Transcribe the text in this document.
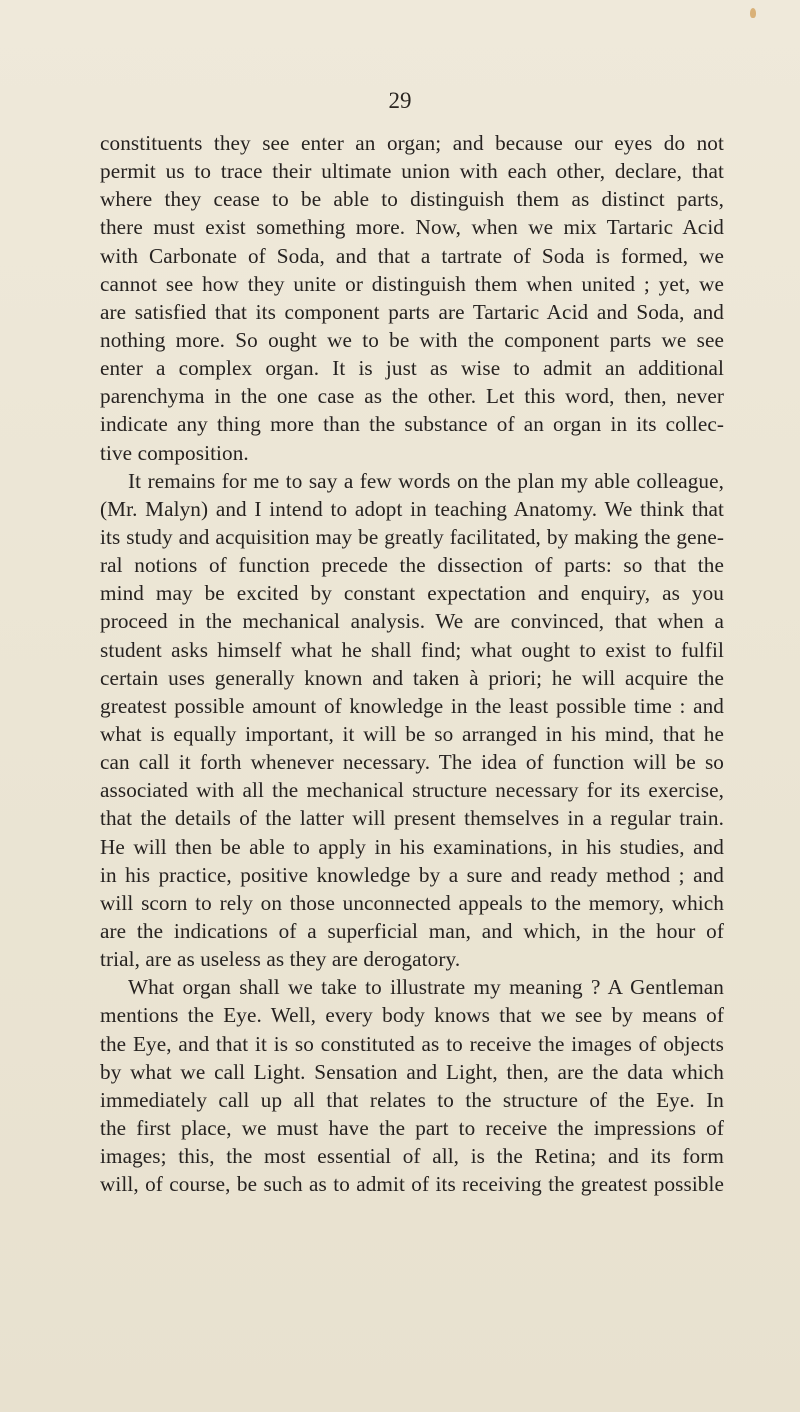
29
constituents they see enter an organ; and because our eyes do not
permit us to trace their ultimate union with each other, declare, that
where they cease to be able to distinguish them as distinct parts,
there must exist something more. Now, when we mix Tartaric Acid
with Carbonate of Soda, and that a tartrate of Soda is formed, we
cannot see how they unite or distinguish them when united ; yet, we
are satisfied that its component parts are Tartaric Acid and Soda, and
nothing more. So ought we to be with the component parts we see
enter a complex organ. It is just as wise to admit an additional
parenchyma in the one case as the other. Let this word, then, never
indicate any thing more than the substance of an organ in its collec-
tive composition.
It remains for me to say a few words on the plan my able colleague,
(Mr. Malyn) and I intend to adopt in teaching Anatomy. We think that
its study and acquisition may be greatly facilitated, by making the gene-
ral notions of function precede the dissection of parts: so that the
mind may be excited by constant expectation and enquiry, as you
proceed in the mechanical analysis. We are convinced, that when a
student asks himself what he shall find; what ought to exist to fulfil
certain uses generally known and taken à priori; he will acquire the
greatest possible amount of knowledge in the least possible time : and
what is equally important, it will be so arranged in his mind, that he
can call it forth whenever necessary. The idea of function will be so
associated with all the mechanical structure necessary for its exercise,
that the details of the latter will present themselves in a regular train.
He will then be able to apply in his examinations, in his studies, and
in his practice, positive knowledge by a sure and ready method ; and
will scorn to rely on those unconnected appeals to the memory, which
are the indications of a superficial man, and which, in the hour of
trial, are as useless as they are derogatory.
What organ shall we take to illustrate my meaning ? A Gentleman
mentions the Eye. Well, every body knows that we see by means of
the Eye, and that it is so constituted as to receive the images of objects
by what we call Light. Sensation and Light, then, are the data which
immediately call up all that relates to the structure of the Eye. In
the first place, we must have the part to receive the impressions of
images; this, the most essential of all, is the Retina; and its form
will, of course, be such as to admit of its receiving the greatest possible
